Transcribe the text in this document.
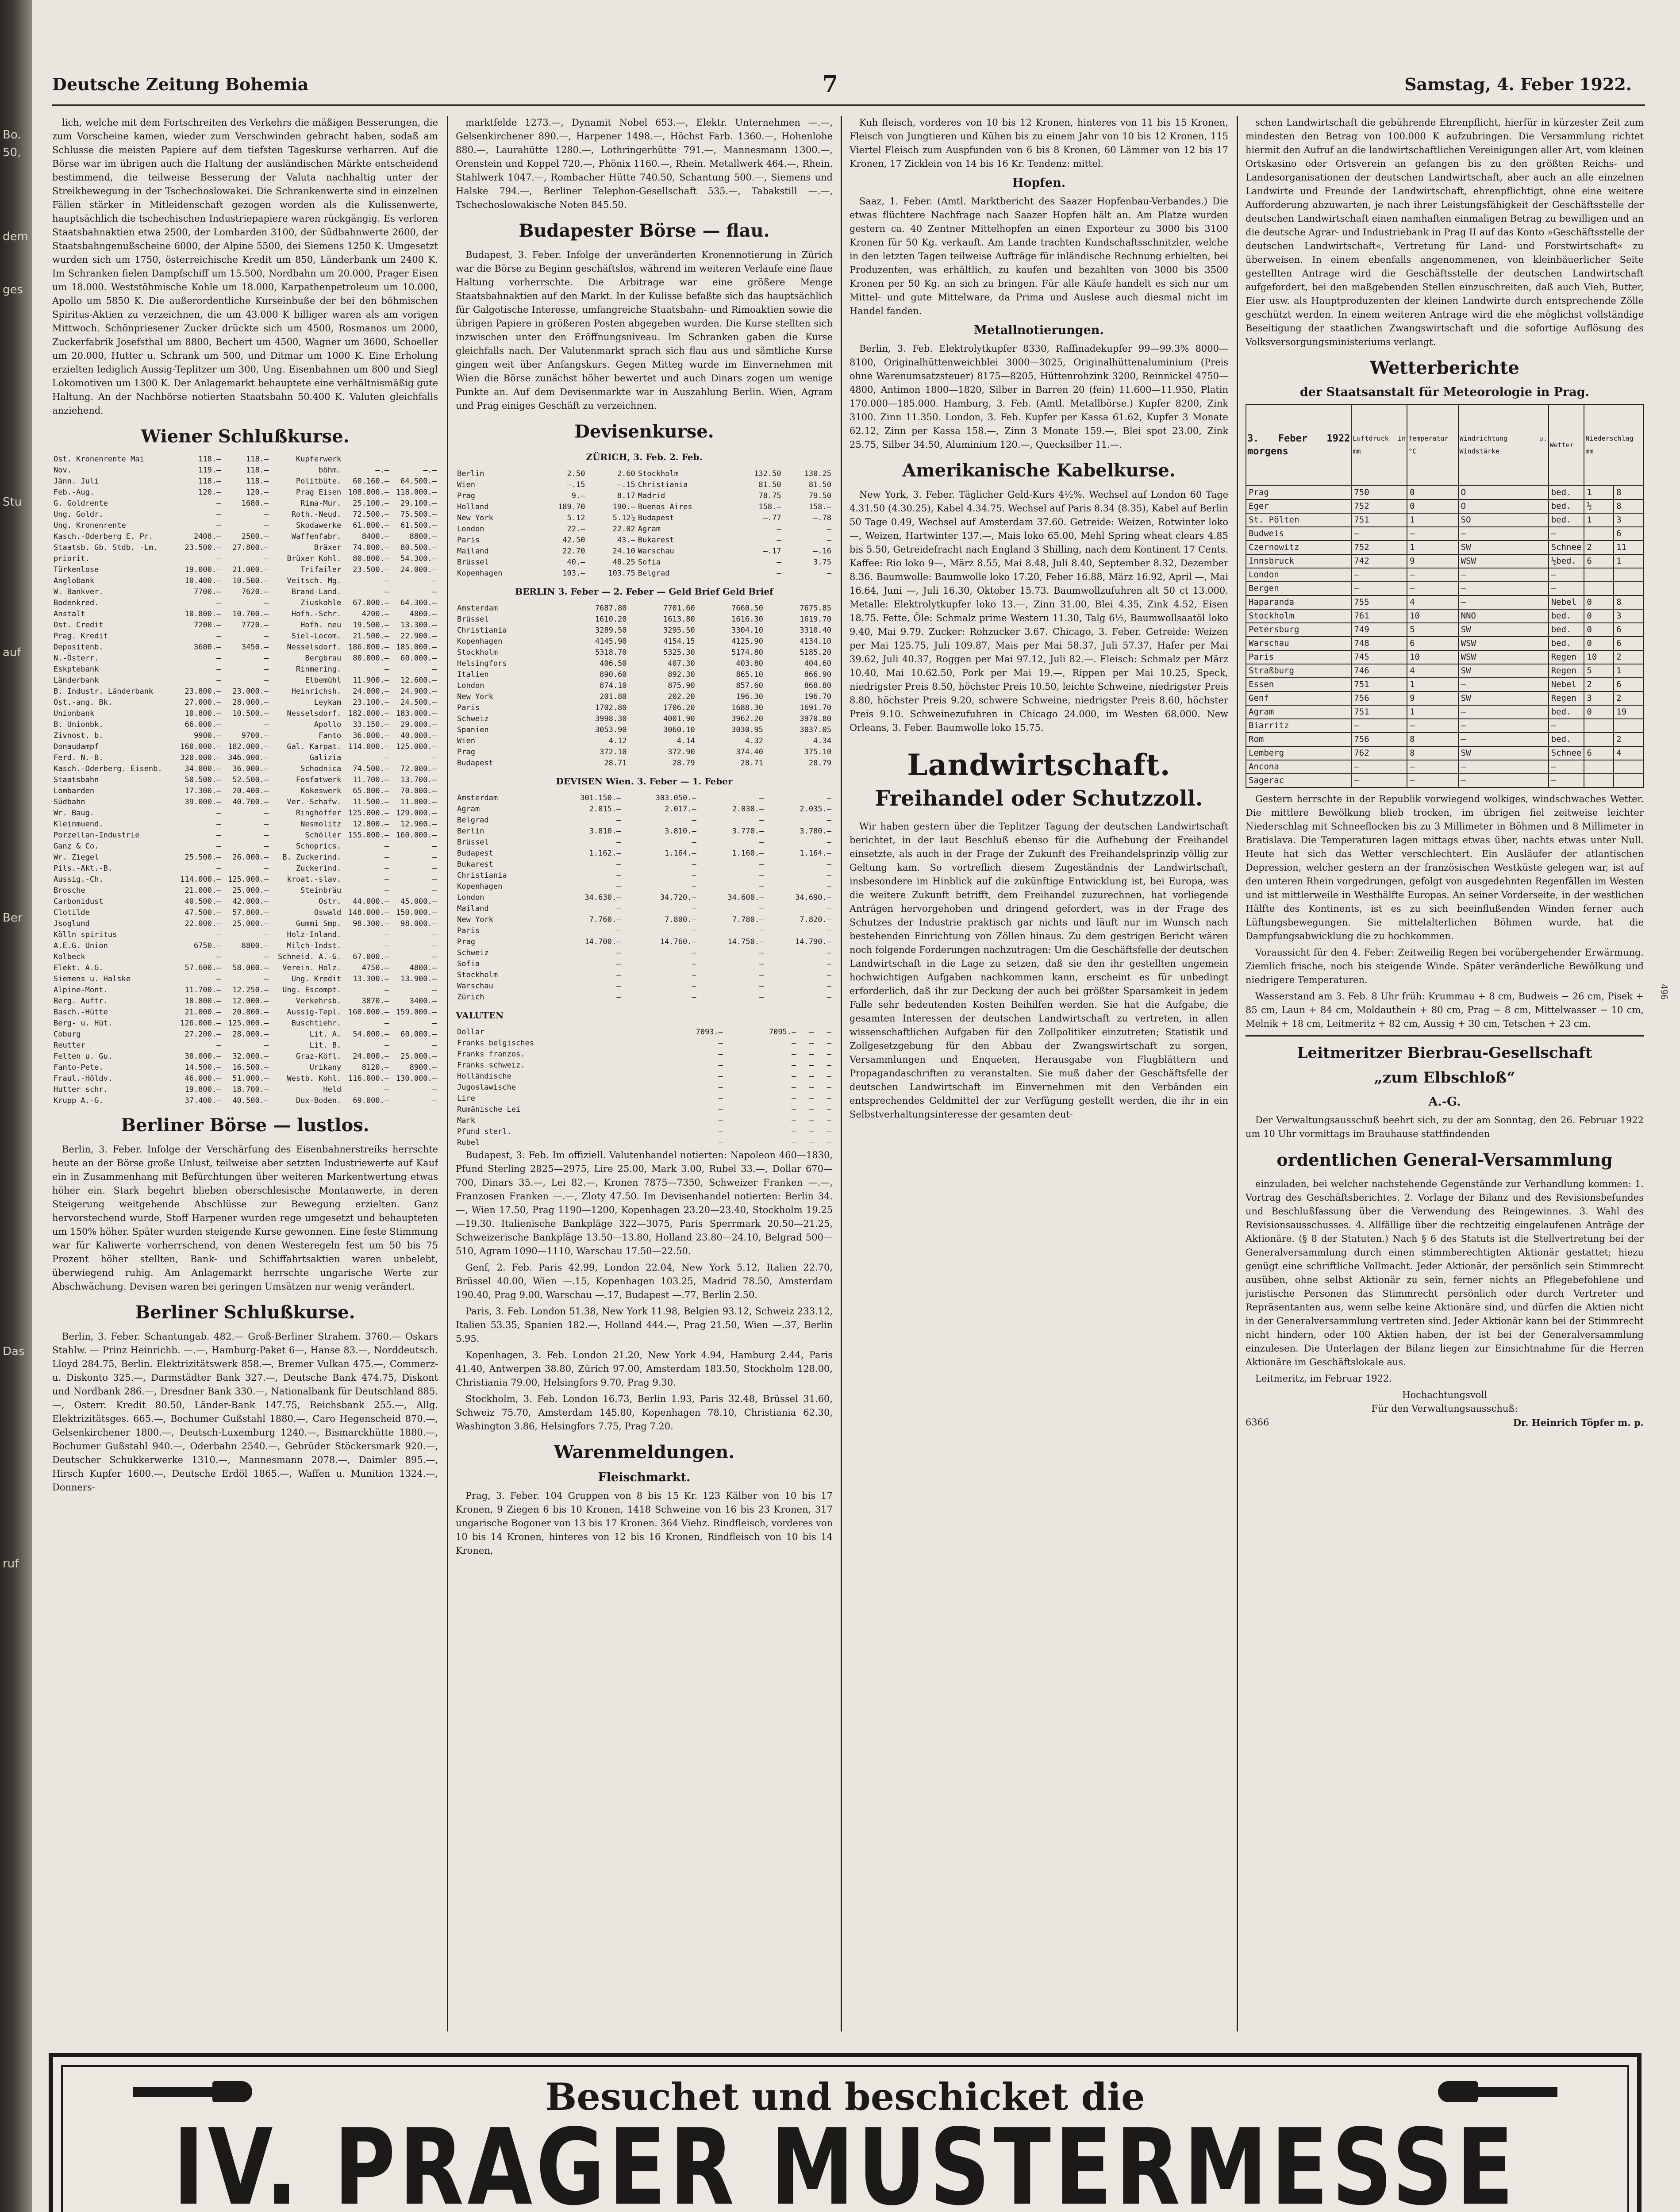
Bo.
50,
dem
ges
Stu
auf
Ber
Das
ruf
Deutsche Zeitung Bohemia	7	Samstag, 4. Feber 1922.

lich, welche mit dem Fortschreiten des Verkehrs die mäßigen Besserungen, die zum Vorscheine kamen, wieder zum Verschwinden gebracht haben, sodaß am Schlusse die meisten Papiere auf dem tiefsten Tageskurse verharren. Auf die Börse war im übrigen auch die Haltung der ausländischen Märkte entscheidend bestimmend, die teilweise Besserung der Valuta nachhaltig unter der Streikbewegung in der Tschechoslowakei. Die Schrankenwerte sind in einzelnen Fällen stärker in Mitleidenschaft gezogen worden als die Kulissenwerte, hauptsächlich die tschechischen Industriepapiere waren rückgängig. Es verloren Staatsbahnaktien etwa 2500, der Lombarden 3100, der Südbahnwerte 2600, der Staatsbahngenußscheine 6000, der Alpine 5500, dei Siemens 1250 K. Umgesetzt wurden sich um 1750, österreichische Kredit um 850, Länderbank um 2400 K. Im Schranken fielen Dampfschiff um 15.500, Nordbahn um 20.000, Prager Eisen um 18.000. Weststöhmische Kohle um 18.000, Karpathenpetroleum um 10.000, Apollo um 5850 K. Die außerordentliche Kurseinbuße der bei den böhmischen Spiritus-Aktien zu verzeichnen, die um 43.000 K billiger waren als am vorigen Mittwoch. Schönpriesener Zucker drückte sich um 4500, Rosmanos um 2000, Zuckerfabrik Josefsthal um 8800, Bechert um 4500, Wagner um 3600, Schoeller um 20.000, Hutter u. Schrank um 500, und Ditmar um 1000 K. Eine Erholung erzielten lediglich Aussig-Teplitzer um 300, Ung. Eisenbahnen um 800 und Siegl Lokomotiven um 1300 K. Der Anlagemarkt behauptete eine verhältnismäßig gute Haltung. An der Nachbörse notierten Staatsbahn 50.400 K. Valuten gleichfalls anziehend.

Wiener Schlußkurse.
Ost. Kronenrente Mai	118.—	118.—	Kupferwerk		
Nov.	119.—	118.—	böhm.	—.—	—.—
Jänn. Juli	118.—	118.—	Politbüte.	60.160.—	64.500.—
Feb.-Aug.	120.—	120.—	Prag Eisen	108.000.—	118.000.—
G. Goldrente	—	1680.—	Rima-Mur.	25.100.—	29.100.—
Ung. Goldr.	—	—	Roth.-Neud.	72.500.—	75.500.—
Ung. Kronenrente	—	—	Skodawerke	61.800.—	61.500.—
Kasch.-Oderberg E. Pr.	2408.—	2500.—	Waffenfabr.	8400.—	8800.—
Staatsb. Gb. Stdb. -Lm.	23.500.—	27.800.—	Bräxer	74.000.—	80.500.—
priorit.	—	—	Brüxer Kohl.	80.800.—	54.300.—
Türkenlose	19.000.—	21.000.—	Trifailer	23.500.—	24.000.—
Anglobank	10.400.—	10.500.—	Veitsch. Mg.	—	—
W. Bankver.	7700.—	7620.—	Brand-Land.	—	—
Bodenkred.	—	—	Ziuskohle	67.000.—	64.300.—
Anstalt	10.800.—	10.700.—	Hofh.-Schr.	4200.—	4800.—
Ost. Credit	7200.—	7720.—	Hofh. neu	19.500.—	13.300.—
Prag. Kredit	—	—	Siel-Locom.	21.500.—	22.900.—
Depositenb.	3600.—	3450.—	Nesselsdorf.	186.000.—	185.000.—
N.-Österr.	—	—	Bergbrau	80.000.—	60.000.—
Eskptebank	—	—	Rinmering.	—	—
Länderbank	—	—	Elbemühl	11.900.—	12.600.—
B. Industr. Länderbank	23.800.—	23.000.—	Heinrichsh.	24.000.—	24.900.—
Ost.-ang. Bk.	27.000.—	28.000.—	Leykam	23.100.—	24.500.—
Unionbank	10.800.—	10.500.—	Nesselsdorf.	182.000.—	183.000.—
B. Unionbk.	66.000.—	—	Apollo	33.150.—	29.000.—
Zivnost. b.	9900.—	9700.—	Fanto	36.000.—	40.000.—
Donaudampf	160.000.—	182.000.—	Gal. Karpat.	114.000.—	125.000.—
Ferd. N.-B.	320.000.—	346.000.—	Galizia	—	—
Kasch.-Oderberg. Eisenb.	34.000.—	36.000.—	Schodnica	74.500.—	72.000.—
Staatsbahn	50.500.—	52.500.—	Fosfatwerk	11.700.—	13.700.—
Lombarden	17.300.—	20.400.—	Kokeswerk	65.800.—	70.000.—
Südbahn	39.000.—	40.700.—	Ver. Schafw.	11.500.—	11.800.—
Wr. Baug.	—	—	Ringhoffer	125.000.—	129.000.—
Kleinmuend.	—	—	Nesmolitz	12.800.—	12.900.—
Porzellan-Industrie	—	—	Schöller	155.000.—	160.000.—
Ganz & Co.	—	—	Schoprics.	—	—
Wr. Ziegel	25.500.—	26.000.—	B. Zuckerind.	—	—
Pils.-Akt.-B.	—	—	Zuckerind.	—	—
Aussig.-Ch.	114.000.—	125.000.—	kroat.-slav.	—	—
Brosche	21.000.—	25.000.—	Steinbräu	—	—
Carbonidust	40.500.—	42.000.—	Ostr.	44.000.—	45.000.—
Clotilde	47.500.—	57.800.—	Oswald	148.000.—	150.000.—
Jsoglund	22.000.—	25.000.—	Gummi Smp.	98.300.—	98.000.—
Kölln spiritus	—	—	Holz-Inland.	—	—
A.E.G. Union	6750.—	8800.—	Milch-Indst.	—	—
Kolbeck	—	—	Schneid. A.-G.	67.000.—	—
Elekt. A.G.	57.600.—	58.000.—	Verein. Holz.	4750.—	4800.—
Siemens u. Halske	—	—	Ung. Kredit	13.300.—	13.900.—
Alpine-Mont.	11.700.—	12.250.—	Ung. Escompt.	—	—
Berg. Auftr.	10.800.—	12.000.—	Verkehrsb.	3870.—	3400.—
Basch.-Hütte	21.000.—	20.800.—	Aussig-Tepl.	160.000.—	159.000.—
Berg- u. Hüt.	126.000.—	125.000.—	Buschtiehr.	—	—
Coburg	27.200.—	28.000.—	Lit. A.	54.000.—	60.000.—
Reutter	—	—	Lit. B.	—	—
Felten u. Gu.	30.000.—	32.000.—	Graz-Köfl.	24.000.—	25.000.—
Fanto-Pete.	14.500.—	16.500.—	Urikany	8120.—	8900.—
Fraul.-Höldv.	46.000.—	51.000.—	Westb. Kohl.	116.000.—	130.000.—
Hutter schr.	19.800.—	18.700.—	Held	—	—
Krupp A.-G.	37.400.—	40.500.—	Dux-Boden.	69.000.—	—
Berliner Börse — lustlos.

Berlin, 3. Feber. Infolge der Verschärfung des Eisenbahnerstreiks herrschte heute an der Börse große Unlust, teilweise aber setzten Industriewerte auf Kauf ein in Zusammenhang mit Befürchtungen über weiteren Markentwertung etwas höher ein. Stark begehrt blieben oberschlesische Montanwerte, in deren Steigerung weitgehende Abschlüsse zur Bewegung erzielten. Ganz hervorstechend wurde, Stoff Harpener wurden rege umgesetzt und behaupteten um 150% höher. Später wurden steigende Kurse gewonnen. Eine feste Stimmung war für Kaliwerte vorherrschend, von denen Westeregeln fest um 50 bis 75 Prozent höher stellten, Bank- und Schiffahrtsaktien waren unbelebt, überwiegend ruhig. Am Anlagemarkt herrschte ungarische Werte zur Abschwächung. Devisen waren bei geringen Umsätzen nur wenig verändert.

Berliner Schlußkurse.

Berlin, 3. Feber. Schantungab. 482.— Groß-Berliner Strahem. 3760.— Oskars Stahlw. — Prinz Heinrichb. —.—, Hamburg-Paket 6—, Hanse 83.—, Norddeutsch. Lloyd 284.75, Berlin. Elektrizitätswerk 858.—, Bremer Vulkan 475.—, Commerz- u. Diskonto 325.—, Darmstädter Bank 327.—, Deutsche Bank 474.75, Diskont und Nordbank 286.—, Dresdner Bank 330.—, Nationalbank für Deutschland 885.—, Osterr. Kredit 80.50, Länder-Bank 147.75, Reichsbank 255.—, Allg. Elektrizitätsges. 665.—, Bochumer Gußstahl 1880.—, Caro Hegenscheid 870.—, Gelsenkirchener 1800.—, Deutsch-Luxemburg 1240.—, Bismarckhütte 1880.—, Bochumer Gußstahl 940.—, Oderbahn 2540.—, Gebrüder Stöckersmark 920.—, Deutscher Schukkerwerke 1310.—, Mannesmann 2078.—, Daimler 895.—, Hirsch Kupfer 1600.—, Deutsche Erdöl 1865.—, Waffen u. Munition 1324.—, Donners-

marktfelde 1273.—, Dynamit Nobel 653.—, Elektr. Unternehmen —.—, Gelsenkirchener 890.—, Harpener 1498.—, Höchst Farb. 1360.—, Hohenlohe 880.—, Laurahütte 1280.—, Lothringerhütte 791.—, Mannesmann 1300.—, Orenstein und Koppel 720.—, Phönix 1160.—, Rhein. Metallwerk 464.—, Rhein. Stahlwerk 1047.—, Rombacher Hütte 740.50, Schantung 500.—, Siemens und Halske 794.—, Berliner Telephon-Gesellschaft 535.—, Tabakstill —.—, Tschechoslowakische Noten 845.50.

Budapester Börse — flau.

Budapest, 3. Feber. Infolge der unveränderten Kronennotierung in Zürich war die Börse zu Beginn geschäftslos, während im weiteren Verlaufe eine flaue Haltung vorherrschte. Die Arbitrage war eine größere Menge Staatsbahnaktien auf den Markt. In der Kulisse befaßte sich das hauptsächlich für Galgotische Interesse, umfangreiche Staatsbahn- und Rimoaktien sowie die übrigen Papiere in größeren Posten abgegeben wurden. Die Kurse stellten sich inzwischen unter den Eröffnungsniveau. Im Schranken gaben die Kurse gleichfalls nach. Der Valutenmarkt sprach sich flau aus und sämtliche Kurse gingen weit über Anfangskurs. Gegen Mitteg wurde im Einvernehmen mit Wien die Börse zunächst höher bewertet und auch Dinars zogen um wenige Punkte an. Auf dem Devisenmarkte war in Auszahlung Berlin. Wien, Agram und Prag einiges Geschäft zu verzeichnen.

Devisenkurse.
ZÜRICH, 3. Feb. 2. Feb.
Berlin	2.50	2.60	Stockholm	132.50	130.25
Wien	—.15	—.15	Christiania	81.50	81.50
Prag	9.—	8.17	Madrid	78.75	79.50
Holland	189.70	190.—	Buenos Aires	158.—	158.—
New York	5.12	5.12¼	Budapest	—.77	—.78
London	22.—	22.02	Agram	—	—
Paris	42.50	43.—	Bukarest	—	—
Mailand	22.70	24.10	Warschau	—.17	—.16
Brüssel	40.—	40.25	Sofia	—	3.75
Kopenhagen	103.—	103.75	Belgrad	—	—
BERLIN 3. Feber — 2. Feber — Geld Brief Geld Brief
Amsterdam	7687.80	7701.60	7660.50	7675.85
Brüssel	1610.20	1613.80	1616.30	1619.70
Christiania	3289.50	3295.50	3304.10	3310.40
Kopenhagen	4145.90	4154.15	4125.90	4134.10
Stockholm	5318.70	5325.30	5174.80	5185.20
Helsingfors	406.50	407.30	403.80	404.60
Italien	890.60	892.30	865.10	866.90
London	874.10	875.90	857.60	868.80
New York	201.80	202.20	196.30	196.70
Paris	1702.80	1706.20	1688.30	1691.70
Schweiz	3998.30	4001.90	3962.20	3970.80
Spanien	3053.90	3060.10	3030.95	3037.05
Wien	4.12	4.14	4.32	4.34
Prag	372.10	372.90	374.40	375.10
Budapest	28.71	28.79	28.71	28.79
DEVISEN Wien. 3. Feber — 1. Feber
Amsterdam	301.150.—	303.050.—	—	—
Agram	2.015.—	2.017.—	2.030.—	2.035.—
Belgrad	—	—	—	—
Berlin	3.810.—	3.810.—	3.770.—	3.780.—
Brüssel	—	—	—	—
Budapest	1.162.—	1.164.—	1.160.—	1.164.—
Bukarest	—	—	—	—
Christiania	—	—	—	—
Kopenhagen	—	—	—	—
London	34.630.—	34.720.—	34.600.—	34.690.—
Mailand	—	—	—	—
New York	7.760.—	7.800.—	7.780.—	7.820.—
Paris	—	—	—	—
Prag	14.700.—	14.760.—	14.750.—	14.790.—
Schweiz	—	—	—	—
Sofia	—	—	—	—
Stockholm	—	—	—	—
Warschau	—	—	—	—
Zürich	—	—	—	—
VALUTEN
Dollar	7093.—	7095.—	—	—
Franks belgisches	—	—	—	—
Franks franzos.	—	—	—	—
Franks schweiz.	—	—	—	—
Holländische	—	—	—	—
Jugoslawische	—	—	—	—
Lire	—	—	—	—
Rumänische Lei	—	—	—	—
Mark	—	—	—	—
Pfund sterl.	—	—	—	—
Rubel	—	—	—	—

Budapest, 3. Feb. Im offiziell. Valutenhandel notierten: Napoleon 460—1830, Pfund Sterling 2825—2975, Lire 25.00, Mark 3.00, Rubel 33.—, Dollar 670—700, Dinars 35.—, Lei 82.—, Kronen 7875—7350, Schweizer Franken —.—, Franzosen Franken —.—, Zloty 47.50. Im Devisenhandel notierten: Berlin 34.—, Wien 17.50, Prag 1190—1200, Kopenhagen 23.20—23.40, Stockholm 19.25—19.30. Italienische Bankpläge 322—3075, Paris Sperrmark 20.50—21.25, Schweizerische Bankpläge 13.50—13.80, Holland 23.80—24.10, Belgrad 500—510, Agram 1090—1110, Warschau 17.50—22.50.

Genf, 2. Feb. Paris 42.99, London 22.04, New York 5.12, Italien 22.70, Brüssel 40.00, Wien —.15, Kopenhagen 103.25, Madrid 78.50, Amsterdam 190.40, Prag 9.00, Warschau —.17, Budapest —.77, Berlin 2.50.

Paris, 3. Feb. London 51.38, New York 11.98, Belgien 93.12, Schweiz 233.12, Italien 53.35, Spanien 182.—, Holland 444.—, Prag 21.50, Wien —.37, Berlin 5.95.

Kopenhagen, 3. Feb. London 21.20, New York 4.94, Hamburg 2.44, Paris 41.40, Antwerpen 38.80, Zürich 97.00, Amsterdam 183.50, Stockholm 128.00, Christiania 79.00, Helsingfors 9.70, Prag 9.30.

Stockholm, 3. Feb. London 16.73, Berlin 1.93, Paris 32.48, Brüssel 31.60, Schweiz 75.70, Amsterdam 145.80, Kopenhagen 78.10, Christiania 62.30, Washington 3.86, Helsingfors 7.75, Prag 7.20.

Warenmeldungen.
Fleischmarkt.

Prag, 3. Feber. 104 Gruppen von 8 bis 15 Kr. 123 Kälber von 10 bis 17 Kronen, 9 Ziegen 6 bis 10 Kronen, 1418 Schweine von 16 bis 23 Kronen, 317 ungarische Bogoner von 13 bis 17 Kronen. 364 Viehz. Rindfleisch, vorderes von 10 bis 14 Kronen, hinteres von 12 bis 16 Kronen, Rindfleisch von 10 bis 14 Kronen,

Kuh fleisch, vorderes von 10 bis 12 Kronen, hinteres von 11 bis 15 Kronen, Fleisch von Jungtieren und Kühen bis zu einem Jahr von 10 bis 12 Kronen, 115 Viertel Fleisch zum Auspfunden von 6 bis 8 Kronen, 60 Lämmer von 12 bis 17 Kronen, 17 Zicklein von 14 bis 16 Kr. Tendenz: mittel.

Hopfen.

Saaz, 1. Feber. (Amtl. Marktbericht des Saazer Hopfenbau-Verbandes.) Die etwas flüchtere Nachfrage nach Saazer Hopfen hält an. Am Platze wurden gestern ca. 40 Zentner Mittelhopfen an einen Exporteur zu 3000 bis 3100 Kronen für 50 Kg. verkauft. Am Lande trachten Kundschaftsschnitzler, welche in den letzten Tagen teilweise Aufträge für inländische Rechnung erhielten, bei Produzenten, was erhältlich, zu kaufen und bezahlten von 3000 bis 3500 Kronen per 50 Kg. an sich zu bringen. Für alle Käufe handelt es sich nur um Mittel- und gute Mittelware, da Prima und Auslese auch diesmal nicht im Handel fanden.

Metallnotierungen.

Berlin, 3. Feb. Elektrolytkupfer 8330, Raffinadekupfer 99—99.3% 8000—8100, Originalhüttenweichblei 3000—3025, Originalhüttenaluminium (Preis ohne Warenumsatzsteuer) 8175—8205, Hüttenrohzink 3200, Reinnickel 4750—4800, Antimon 1800—1820, Silber in Barren 20 (fein) 11.600—11.950, Platin 170.000—185.000. Hamburg, 3. Feb. (Amtl. Metallbörse.) Kupfer 8200, Zink 3100. Zinn 11.350. London, 3. Feb. Kupfer per Kassa 61.62, Kupfer 3 Monate 62.12, Zinn per Kassa 158.—, Zinn 3 Monate 159.—, Blei spot 23.00, Zink 25.75, Silber 34.50, Aluminium 120.—, Quecksilber 11.—.

Amerikanische Kabelkurse.

New York, 3. Feber. Täglicher Geld-Kurs 4½%. Wechsel auf London 60 Tage 4.31.50 (4.30.25), Kabel 4.34.75. Wechsel auf Paris 8.34 (8.35), Kabel auf Berlin 50 Tage 0.49, Wechsel auf Amsterdam 37.60. Getreide: Weizen, Rotwinter loko —, Weizen, Hartwinter 137.—, Mais loko 65.00, Mehl Spring wheat clears 4.85 bis 5.50, Getreidefracht nach England 3 Shilling, nach dem Kontinent 17 Cents. Kaffee: Rio loko 9—, März 8.55, Mai 8.48, Juli 8.40, September 8.32, Dezember 8.36. Baumwolle: Baumwolle loko 17.20, Feber 16.88, März 16.92, April —, Mai 16.64, Juni —, Juli 16.30, Oktober 15.73. Baumwollzufuhren alt 50 ct 13.000. Metalle: Elektrolytkupfer loko 13.—, Zinn 31.00, Blei 4.35, Zink 4.52, Eisen 18.75. Fette, Öle: Schmalz prime Western 11.30, Talg 6½, Baumwollsaatöl loko 9.40, Mai 9.79. Zucker: Rohzucker 3.67. Chicago, 3. Feber. Getreide: Weizen per Mai 125.75, Juli 109.87, Mais per Mai 58.37, Juli 57.37, Hafer per Mai 39.62, Juli 40.37, Roggen per Mai 97.12, Juli 82.—. Fleisch: Schmalz per März 10.40, Mai 10.62.50, Pork per Mai 19.—, Rippen per Mai 10.25, Speck, niedrigster Preis 8.50, höchster Preis 10.50, leichte Schweine, niedrigster Preis 8.80, höchster Preis 9.20, schwere Schweine, niedrigster Preis 8.60, höchster Preis 9.10. Schweinezufuhren in Chicago 24.000, im Westen 68.000. New Orleans, 3. Feber. Baumwolle loko 15.75.

Landwirtschaft.
Freihandel oder Schutzzoll.

Wir haben gestern über die Teplitzer Tagung der deutschen Landwirtschaft berichtet, in der laut Beschluß ebenso für die Aufhebung der Freihandel einsetzte, als auch in der Frage der Zukunft des Freihandelsprinzip völlig zur Geltung kam. So vortreflich diesem Zugeständnis der Landwirtschaft, insbesondere im Hinblick auf die zukünftige Entwicklung ist, bei Europa, was die weitere Zukunft betrifft, dem Freihandel zuzurechnen, hat vorliegende Anträgen hervorgehoben und dringend gefordert, was in der Frage des Schutzes der Industrie praktisch gar nichts und läuft nur im Wunsch nach bestehenden Einrichtung von Zöllen hinaus. Zu dem gestrigen Bericht wären noch folgende Forderungen nachzutragen: Um die Geschäftsfelle der deutschen Landwirtschaft in die Lage zu setzen, daß sie den ihr gestellten ungemein hochwichtigen Aufgaben nachkommen kann, erscheint es für unbedingt erforderlich, daß ihr zur Deckung der auch bei größter Sparsamkeit in jedem Falle sehr bedeutenden Kosten Beihilfen werden. Sie hat die Aufgabe, die gesamten Interessen der deutschen Landwirtschaft zu vertreten, in allen wissenschaftlichen Aufgaben für den Zollpolitiker einzutreten; Statistik und Zollgesetzgebung für den Abbau der Zwangswirtschaft zu sorgen, Versammlungen und Enqueten, Herausgabe von Flugblättern und Propagandaschriften zu veranstalten. Sie muß daher der Geschäftsfelle der deutschen Landwirtschaft im Einvernehmen mit den Verbänden ein entsprechendes Geldmittel der zur Verfügung gestellt werden, die ihr in ein Selbstverhaltungsinteresse der gesamten deut-

schen Landwirtschaft die gebührende Ehrenpflicht, hierfür in kürzester Zeit zum mindesten den Betrag von 100.000 K aufzubringen. Die Versammlung richtet hiermit den Aufruf an die landwirtschaftlichen Vereinigungen aller Art, vom kleinen Ortskasino oder Ortsverein an gefangen bis zu den größten Reichs- und Landesorganisationen der deutschen Landwirtschaft, aber auch an alle einzelnen Landwirte und Freunde der Landwirtschaft, ehrenpflichtigt, ohne eine weitere Aufforderung abzuwarten, je nach ihrer Leistungsfähigkeit der Geschäftsstelle der deutschen Landwirtschaft einen namhaften einmaligen Betrag zu bewilligen und an die deutsche Agrar- und Industriebank in Prag II auf das Konto »Geschäftsstelle der deutschen Landwirtschaft«, Vertretung für Land- und Forstwirtschaft« zu überweisen. In einem ebenfalls angenommenen, von kleinbäuerlicher Seite gestellten Antrage wird die Geschäftsstelle der deutschen Landwirtschaft aufgefordert, bei den maßgebenden Stellen einzuschreiten, daß auch Vieh, Butter, Eier usw. als Hauptproduzenten der kleinen Landwirte durch entsprechende Zölle geschützt werden. In einem weiteren Antrage wird die ehe möglichst vollständige Beseitigung der staatlichen Zwangswirtschaft und die sofortige Auflösung des Volksversorgungsministeriums verlangt.

Wetterberichte
der Staatsanstalt für Meteorologie in Prag.
3. Feber 1922 morgens	Luftdruck in mm	Temperatur °C	Windrichtung u. Windstärke	Wetter	Niederschlag mm	
Prag	750	0	O	bed.	1	8
Eger	752	0	O	bed.	½	8
St. Pölten	751	1	SO	bed.	1	3
Budweis	—	—	—	—		6
Czernowitz	752	1	SW	Schnee	2	11
Innsbruck	742	9	WSW	½bed.	6	1
London	—	—	—	—		
Bergen	—	—	—	—		
Haparanda	755	4	—	Nebel	0	8
Stockholm	761	10	NNO	bed.	0	3
Petersburg	749	5	SW	bed.	0	6
Warschau	748	6	WSW	bed.	0	6
Paris	745	10	WSW	Regen	10	2
Straßburg	746	4	SW	Regen	5	1
Essen	751	1	—	Nebel	2	6
Genf	756	9	SW	Regen	3	2
Agram	751	1	—	bed.	0	19
Biarritz	—	—	—	—		
Rom	756	8	—	bed.		2
Lemberg	762	8	SW	Schnee	6	4
Ancona	—	—	—	—		
Sagerac	—	—	—	—		

Gestern herrschte in der Republik vorwiegend wolkiges, windschwaches Wetter. Die mittlere Bewölkung blieb trocken, im übrigen fiel zeitweise leichter Niederschlag mit Schneeflocken bis zu 3 Millimeter in Böhmen und 8 Millimeter in Bratislava. Die Temperaturen lagen mittags etwas über, nachts etwas unter Null. Heute hat sich das Wetter verschlechtert. Ein Ausläufer der atlantischen Depression, welcher gestern an der französischen Westküste gelegen war, ist auf den unteren Rhein vorgedrungen, gefolgt von ausgedehnten Regenfällen im Westen und ist mittlerweile in Westhälfte Europas. An seiner Vorderseite, in der westlichen Hälfte des Kontinents, ist es zu sich beeinflußenden Winden ferner auch Lüftungsbewegungen. Sie mittelalterlichen Böhmen wurde, hat die Dampfungsabwicklung die zu hochkommen.

Voraussicht für den 4. Feber: Zeitweilig Regen bei vorübergehender Erwärmung. Ziemlich frische, noch bis steigende Winde. Später veränderliche Bewölkung und niedrigere Temperaturen.

Wasserstand am 3. Feb. 8 Uhr früh: Krummau + 8 cm, Budweis − 26 cm, Pisek + 85 cm, Laun + 84 cm, Moldauthein + 80 cm, Prag − 8 cm, Mittelwasser − 10 cm, Melnik + 18 cm, Leitmeritz + 82 cm, Aussig + 30 cm, Tetschen + 23 cm.

Leitmeritzer Bierbrau-Gesellschaft
„zum Elbschloß“
A.-G.

Der Verwaltungsausschuß beehrt sich, zu der am Sonntag, den 26. Februar 1922 um 10 Uhr vormittags im Brauhause stattfindenden

ordentlichen General-Versammlung

einzuladen, bei welcher nachstehende Gegenstände zur Verhandlung kommen: 1. Vortrag des Geschäftsberichtes. 2. Vorlage der Bilanz und des Revisionsbefundes und Beschlußfassung über die Verwendung des Reingewinnes. 3. Wahl des Revisionsausschusses. 4. Allfällige über die rechtzeitig eingelaufenen Anträge der Aktionäre. (§ 8 der Statuten.) Nach § 6 des Statuts ist die Stellvertretung bei der Generalversammlung durch einen stimmberechtigten Aktionär gestattet; hiezu genügt eine schriftliche Vollmacht. Jeder Aktionär, der persönlich sein Stimmrecht ausüben, ohne selbst Aktionär zu sein, ferner nichts an Pflegebefohlene und juristische Personen das Stimmrecht persönlich oder durch Vertreter und Repräsentanten aus, wenn selbe keine Aktionäre sind, und dürfen die Aktien nicht in der Generalversammlung vertreten sind. Jeder Aktionär kann bei der Stimmrecht nicht hindern, oder 100 Aktien haben, der ist bei der Generalversammlung einzulesen. Die Unterlagen der Bilanz liegen zur Einsichtnahme für die Herren Aktionäre im Geschäftslokale aus.

Leitmeritz, im Februar 1922.

Hochachtungsvoll
Für den Verwaltungsausschuß:
6366	Dr. Heinrich Töpfer m. p.
496
Besuchet und beschicket die
IV. PRAGER MUSTERMESSE
